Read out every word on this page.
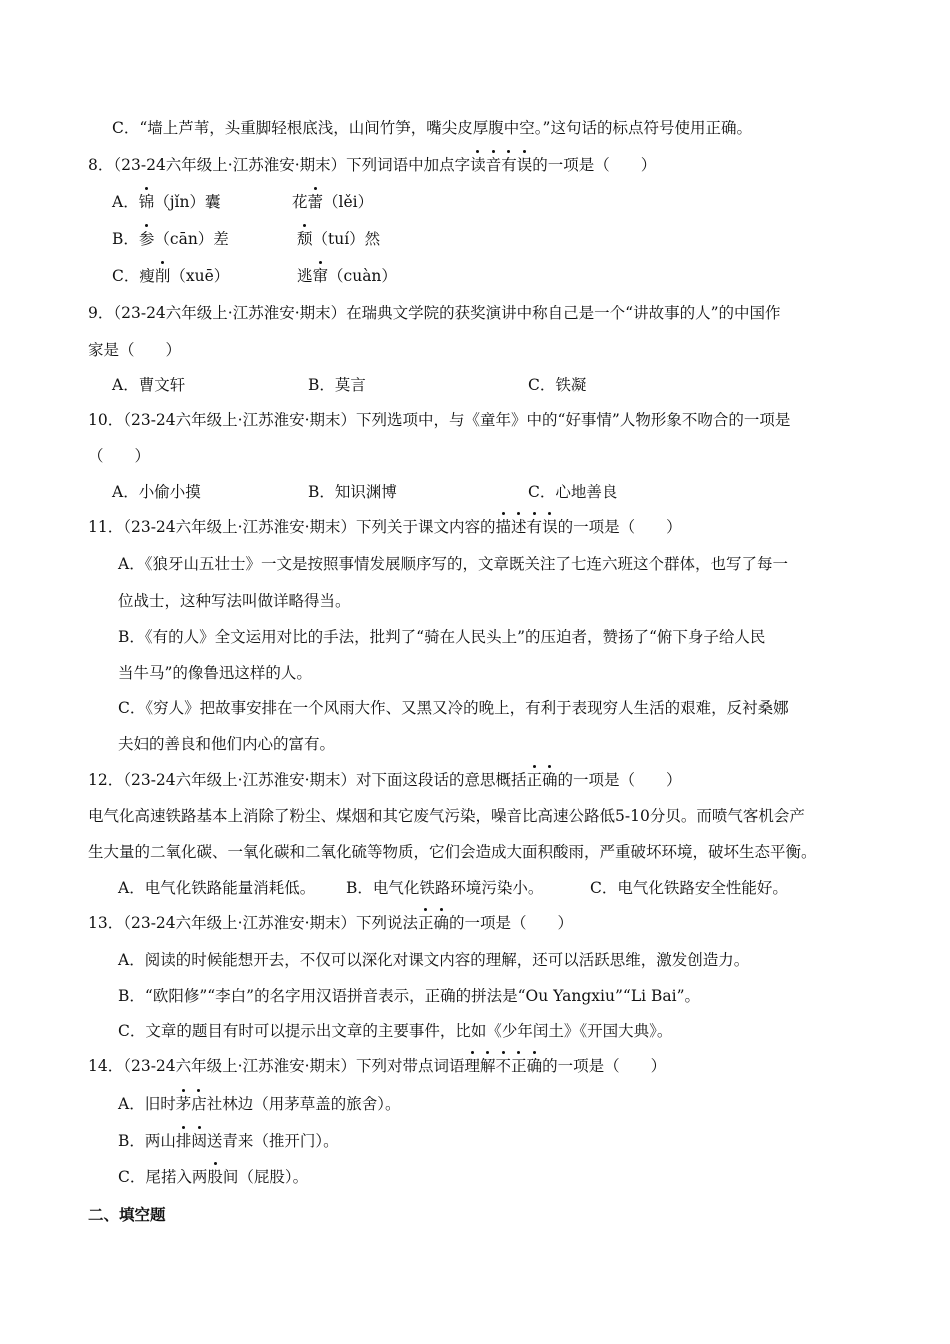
C．“墙上芦苇，头重脚轻根底浅，山间竹笋，嘴尖皮厚腹中空。”这句话的标点符号使用正确。
8．（23-24六年级上·江苏淮安·期末）下列词语中加点字读音有误的一项是（　　）
A．锦（jǐn）囊	花蕾（lěi）
B．参（cān）差	颓（tuí）然
C．瘦削（xuē）	逃窜（cuàn）
9．（23-24六年级上·江苏淮安·期末）在瑞典文学院的获奖演讲中称自己是一个“讲故事的人”的中国作
家是（　　）
A．曹文轩	B．莫言	C．铁凝
10．（23-24六年级上·江苏淮安·期末）下列选项中，与《童年》中的“好事情”人物形象不吻合的一项是
（　　）
A．小偷小摸	B．知识渊博	C．心地善良
11．（23-24六年级上·江苏淮安·期末）下列关于课文内容的描述有误的一项是（　　）
A．《狼牙山五壮士》一文是按照事情发展顺序写的，文章既关注了七连六班这个群体，也写了每一
位战士，这种写法叫做详略得当。
B．《有的人》全文运用对比的手法，批判了“骑在人民头上”的压迫者，赞扬了“俯下身子给人民
当牛马”的像鲁迅这样的人。
C．《穷人》把故事安排在一个风雨大作、又黑又冷的晚上，有利于表现穷人生活的艰难，反衬桑娜
夫妇的善良和他们内心的富有。
12．（23-24六年级上·江苏淮安·期末）对下面这段话的意思概括正确的一项是（　　）
电气化高速铁路基本上消除了粉尘、煤烟和其它废气污染，噪音比高速公路低5-10分贝。而喷气客机会产
生大量的二氧化碳、一氧化碳和二氧化硫等物质，它们会造成大面积酸雨，严重破坏环境，破坏生态平衡。
A．电气化铁路能量消耗低。 B．电气化铁路环境污染小。	C．电气化铁路安全性能好。
13．（23-24六年级上·江苏淮安·期末）下列说法正确的一项是（　　）
A．阅读的时候能想开去，不仅可以深化对课文内容的理解，还可以活跃思维，激发创造力。
B．“欧阳修”“李白”的名字用汉语拼音表示，正确的拼法是“Ou Yangxiu”“Li Bai”。
C．文章的题目有时可以提示出文章的主要事件，比如《少年闰土》《开国大典》。
14．（23-24六年级上·江苏淮安·期末）下列对带点词语理解不正确的一项是（　　）
A．旧时茅店社林边（用茅草盖的旅舍）。
B．两山排闼送青来（推开门）。
C．尾掿入两股间（屁股）。
二、填空题
